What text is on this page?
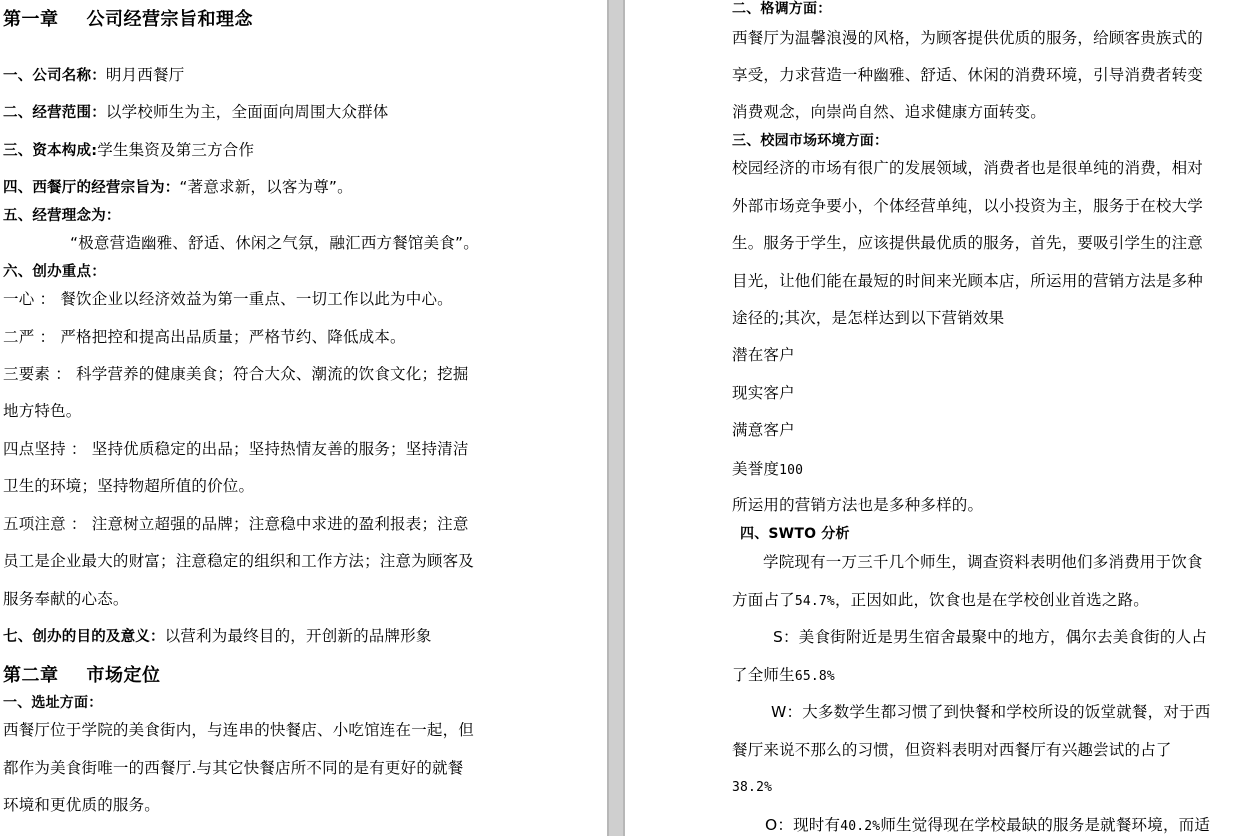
第一章 公司经营宗旨和理念
一、公司名称：明月西餐厅
二、经营范围：以学校师生为主，全面面向周围大众群体
三、资本构成:学生集资及第三方合作
四、西餐厅的经营宗旨为：“著意求新，以客为尊”。
五、经营理念为：
“极意营造幽雅、舒适、休闲之气氛，融汇西方餐馆美食”。
六、创办重点：
一心 ： 餐饮企业以经济效益为第一重点、一切工作以此为中心。
二严 ： 严格把控和提高出品质量；严格节约、降低成本。
三要素 ： 科学营养的健康美食；符合大众、潮流的饮食文化；挖掘
地方特色。
四点坚持 ： 坚持优质稳定的出品；坚持热情友善的服务；坚持清洁
卫生的环境；坚持物超所值的价位。
五项注意 ： 注意树立超强的品牌；注意稳中求进的盈利报表；注意
员工是企业最大的财富；注意稳定的组织和工作方法；注意为顾客及
服务奉献的心态。
七、创办的目的及意义：以营利为最终目的，开创新的品牌形象
第二章 市场定位
一、选址方面：
西餐厅位于学院的美食街内，与连串的快餐店、小吃馆连在一起，但
都作为美食街唯一的西餐厅.与其它快餐店所不同的是有更好的就餐
环境和更优质的服务。
二、格调方面：
西餐厅为温馨浪漫的风格，为顾客提供优质的服务，给顾客贵族式的
享受，力求营造一种幽雅、舒适、休闲的消费环境，引导消费者转变
消费观念，向崇尚自然、追求健康方面转变。
三、校园市场环境方面：
校园经济的市场有很广的发展领域，消费者也是很单纯的消费，相对
外部市场竞争要小，个体经营单纯，以小投资为主，服务于在校大学
生。服务于学生，应该提供最优质的服务，首先，要吸引学生的注意
目光，让他们能在最短的时间来光顾本店，所运用的营销方法是多种
途径的;其次，是怎样达到以下营销效果
潜在客户
现实客户
满意客户
美誉度100
所运用的营销方法也是多种多样的。
四、SWTO 分析
学院现有一万三千几个师生，调查资料表明他们多消费用于饮食
方面占了54.7%，正因如此，饮食也是在学校创业首选之路。
S：美食街附近是男生宿舍最聚中的地方，偶尔去美食街的人占
了全师生65.8%
W：大多数学生都习惯了到快餐和学校所设的饭堂就餐，对于西
餐厅来说不那么的习惯，但资料表明对西餐厅有兴趣尝试的占了
38.2%
O：现时有40.2%师生觉得现在学校最缺的服务是就餐环境，而适
